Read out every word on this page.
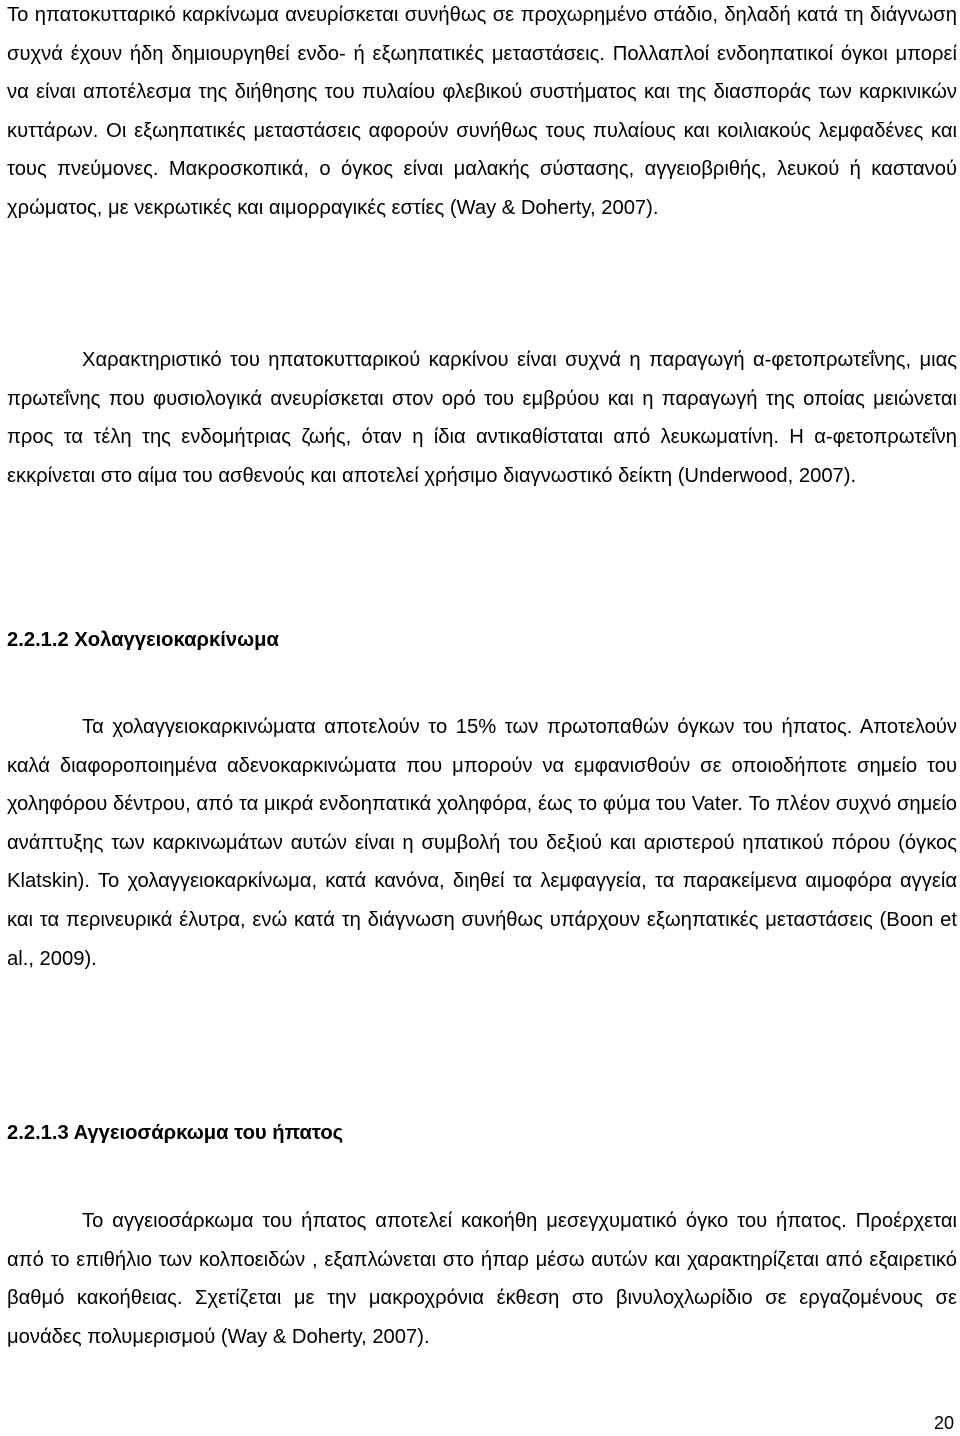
Το ηπατοκυτταρικό καρκίνωμα ανευρίσκεται συνήθως σε προχωρημένο στάδιο, δηλαδή κατά τη διάγνωση συχνά έχουν ήδη δημιουργηθεί ενδο- ή εξωηπατικές μεταστάσεις. Πολλαπλοί ενδοηπατικοί όγκοι μπορεί να είναι αποτέλεσμα της διήθησης του πυλαίου φλεβικού συστήματος και της διασποράς των καρκινικών κυττάρων. Οι εξωηπατικές μεταστάσεις αφορούν συνήθως τους πυλαίους και κοιλιακούς λεμφαδένες και τους πνεύμονες. Μακροσκοπικά, ο όγκος είναι μαλακής σύστασης, αγγειοβριθής, λευκού ή καστανού χρώματος, με νεκρωτικές και αιμορραγικές εστίες (Way & Doherty, 2007).

Χαρακτηριστικό του ηπατοκυτταρικού καρκίνου είναι συχνά η παραγωγή α-φετοπρωτεΐνης, μιας πρωτεΐνης που φυσιολογικά ανευρίσκεται στον ορό του εμβρύου και η παραγωγή της οποίας μειώνεται προς τα τέλη της ενδομήτριας ζωής, όταν η ίδια αντικαθίσταται από λευκωματίνη. Η α-φετοπρωτεΐνη εκκρίνεται στο αίμα του ασθενούς και αποτελεί χρήσιμο διαγνωστικό δείκτη (Underwood, 2007).

2.2.1.2 Χολαγγειοκαρκίνωμα

Τα χολαγγειοκαρκινώματα αποτελούν το 15% των πρωτοπαθών όγκων του ήπατος. Αποτελούν καλά διαφοροποιημένα αδενοκαρκινώματα που μπορούν να εμφανισθούν σε οποιοδήποτε σημείο του χοληφόρου δέντρου, από τα μικρά ενδοηπατικά χοληφόρα, έως το φύμα του Vater. Το πλέον συχνό σημείο ανάπτυξης των καρκινωμάτων αυτών είναι η συμβολή του δεξιού και αριστερού ηπατικού πόρου (όγκος Klatskin). Το χολαγγειοκαρκίνωμα, κατά κανόνα, διηθεί τα λεμφαγγεία, τα παρακείμενα αιμοφόρα αγγεία και τα περινευρικά έλυτρα, ενώ κατά τη διάγνωση συνήθως υπάρχουν εξωηπατικές μεταστάσεις (Boon et al., 2009).

2.2.1.3 Αγγειοσάρκωμα του ήπατος

Το αγγειοσάρκωμα του ήπατος αποτελεί κακοήθη μεσεγχυματικό όγκο του ήπατος. Προέρχεται από το επιθήλιο των κολποειδών , εξαπλώνεται στο ήπαρ μέσω αυτών και χαρακτηρίζεται από εξαιρετικό βαθμό κακοήθειας. Σχετίζεται με την μακροχρόνια έκθεση στο βινυλοχλωρίδιο σε εργαζομένους σε μονάδες πολυμερισμού (Way & Doherty, 2007).

20
